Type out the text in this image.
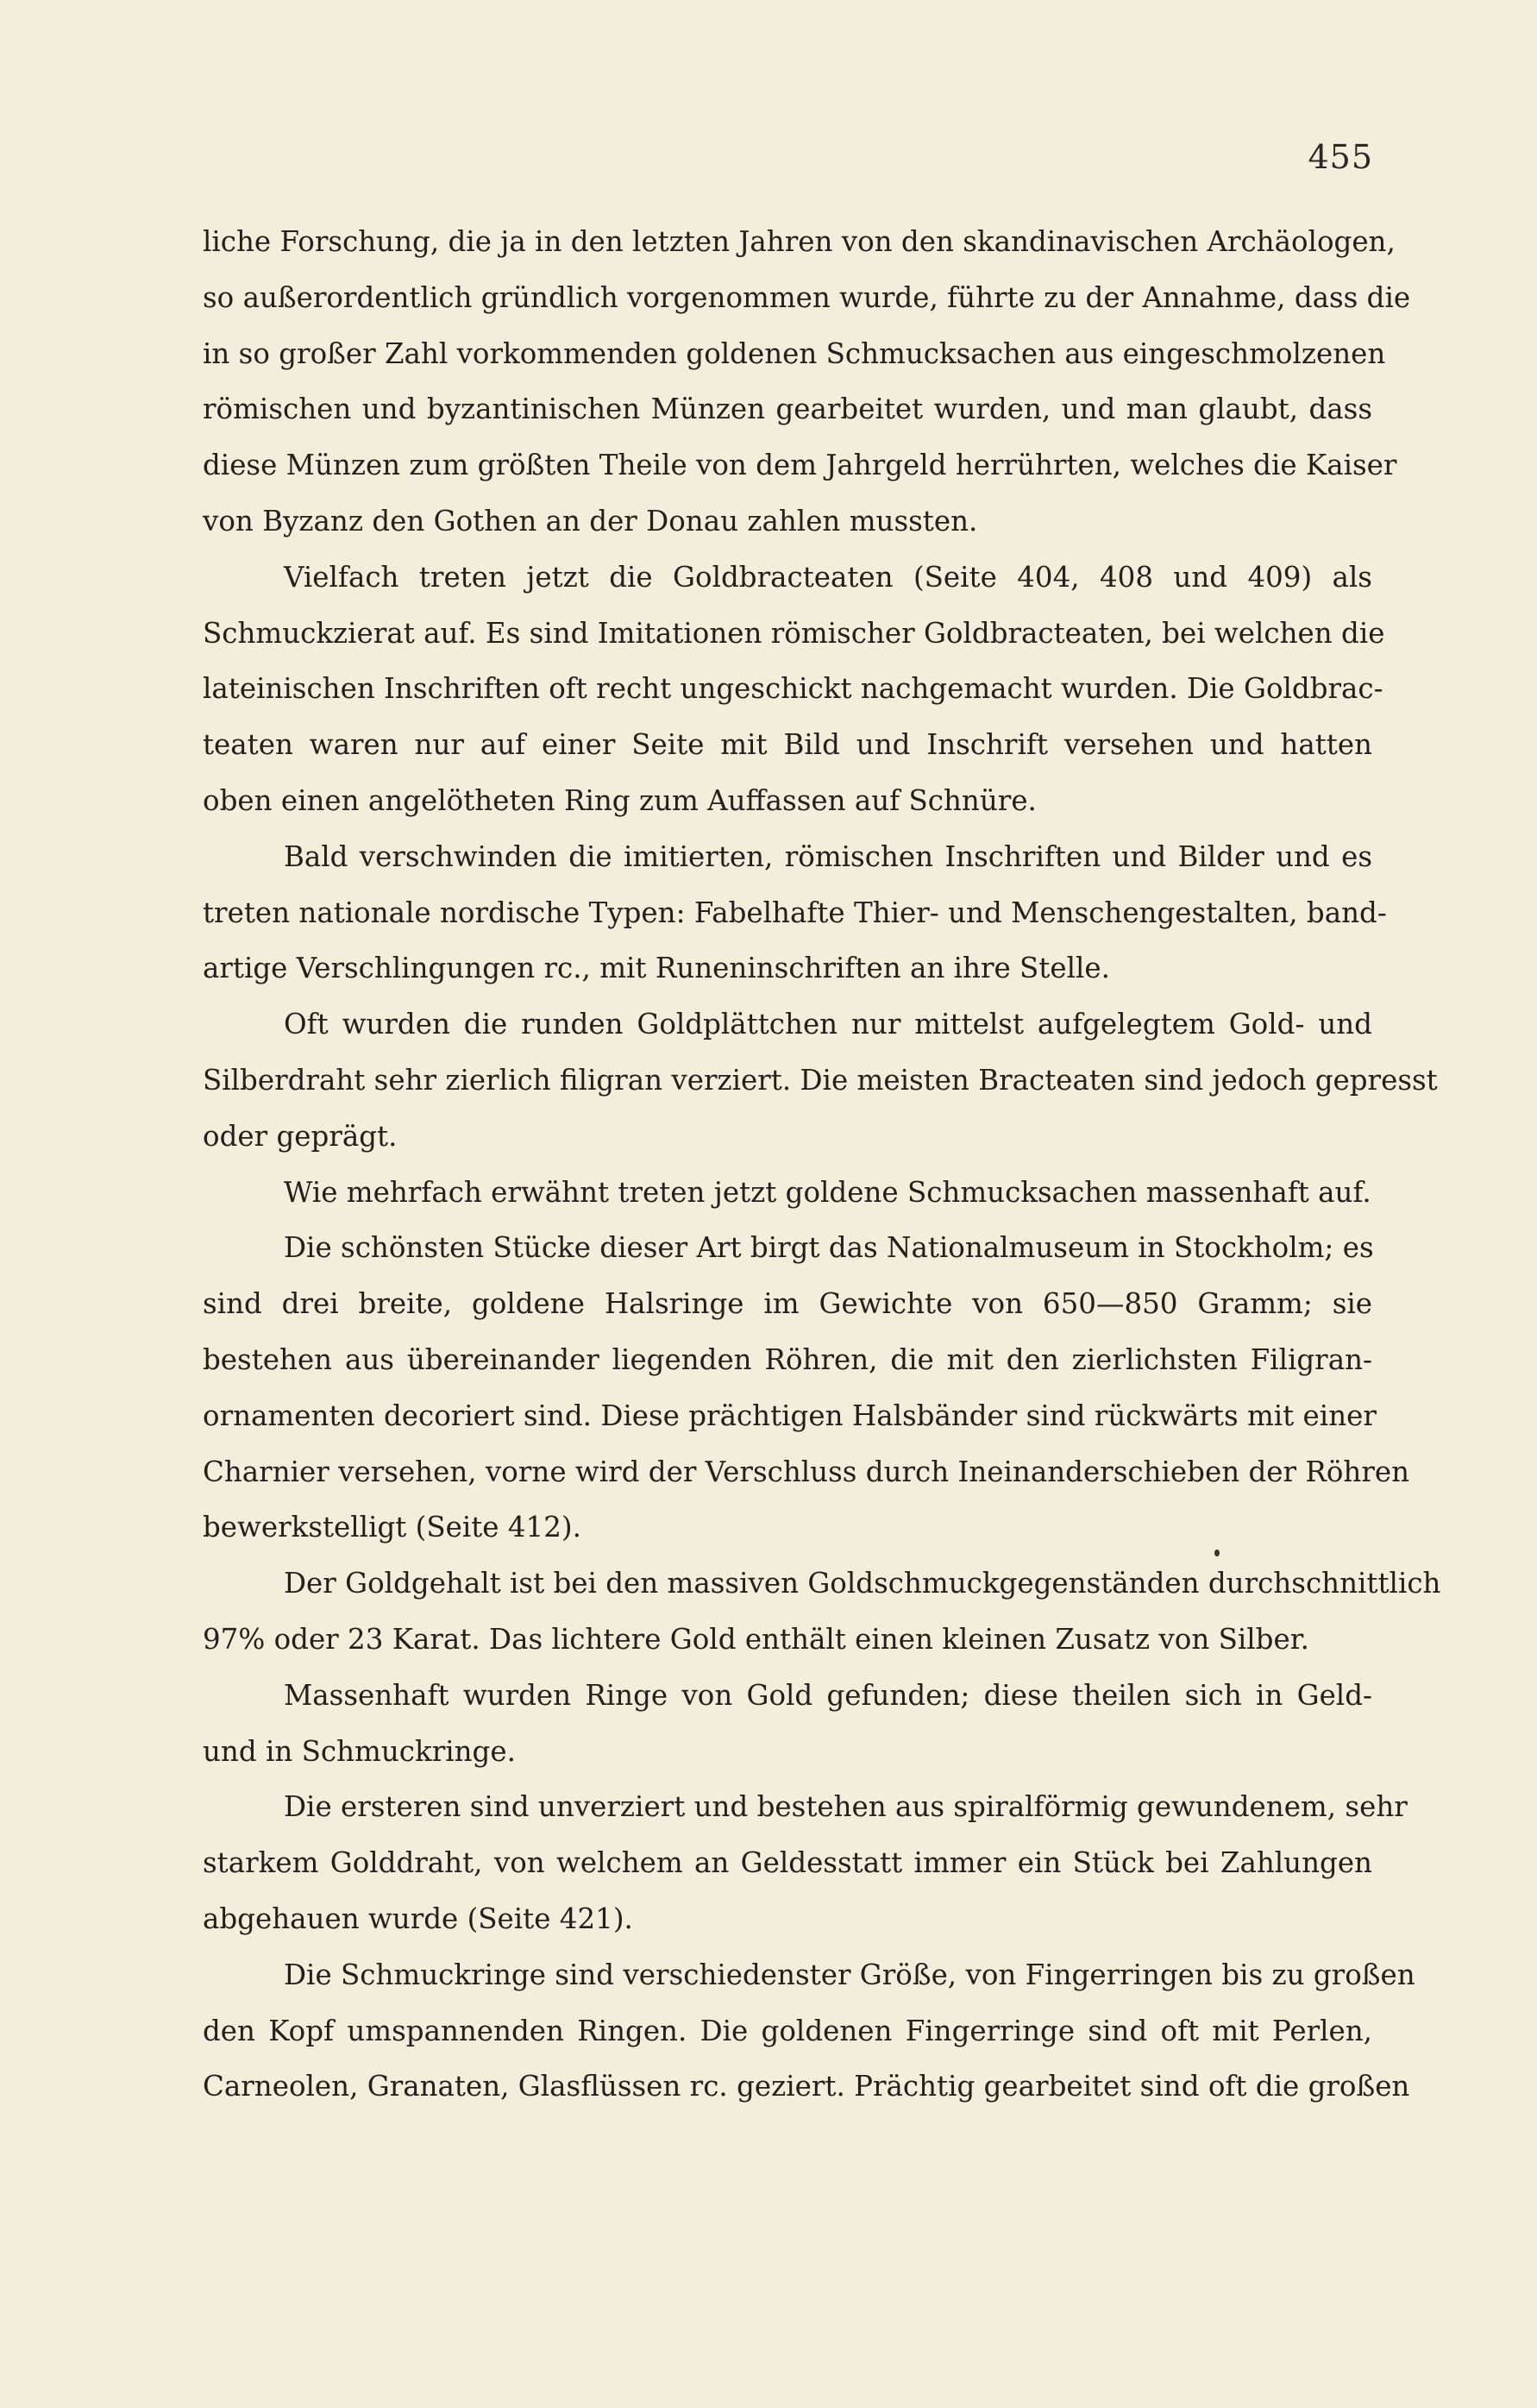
455
liche Forschung, die ja in den letzten Jahren von den skandinavischen Archäologen,
so außerordentlich gründlich vorgenommen wurde, führte zu der Annahme, dass die
in so großer Zahl vorkommenden goldenen Schmucksachen aus eingeschmolzenen
römischen und byzantinischen Münzen gearbeitet wurden, und man glaubt, dass
diese Münzen zum größten Theile von dem Jahrgeld herrührten, welches die Kaiser
von Byzanz den Gothen an der Donau zahlen mussten.
Vielfach treten jetzt die Goldbracteaten (Seite 404, 408 und 409) als
Schmuckzierat auf. Es sind Imitationen römischer Goldbracteaten, bei welchen die
lateinischen Inschriften oft recht ungeschickt nachgemacht wurden. Die Goldbrac-
teaten waren nur auf einer Seite mit Bild und Inschrift versehen und hatten
oben einen angelötheten Ring zum Auffassen auf Schnüre.
Bald verschwinden die imitierten, römischen Inschriften und Bilder und es
treten nationale nordische Typen: Fabelhafte Thier- und Menschengestalten, band-
artige Verschlingungen rc., mit Runeninschriften an ihre Stelle.
Oft wurden die runden Goldplättchen nur mittelst aufgelegtem Gold- und
Silberdraht sehr zierlich filigran verziert. Die meisten Bracteaten sind jedoch gepresst
oder geprägt.
Wie mehrfach erwähnt treten jetzt goldene Schmucksachen massenhaft auf.
Die schönsten Stücke dieser Art birgt das Nationalmuseum in Stockholm; es
sind drei breite, goldene Halsringe im Gewichte von 650—850 Gramm; sie
bestehen aus übereinander liegenden Röhren, die mit den zierlichsten Filigran-
ornamenten decoriert sind. Diese prächtigen Halsbänder sind rückwärts mit einer
Charnier versehen, vorne wird der Verschluss durch Ineinanderschieben der Röhren
bewerkstelligt (Seite 412).
Der Goldgehalt ist bei den massiven Goldschmuckgegenständen durchschnittlich
97% oder 23 Karat. Das lichtere Gold enthält einen kleinen Zusatz von Silber.
Massenhaft wurden Ringe von Gold gefunden; diese theilen sich in Geld-
und in Schmuckringe.
Die ersteren sind unverziert und bestehen aus spiralförmig gewundenem, sehr
starkem Golddraht, von welchem an Geldesstatt immer ein Stück bei Zahlungen
abgehauen wurde (Seite 421).
Die Schmuckringe sind verschiedenster Größe, von Fingerringen bis zu großen
den Kopf umspannenden Ringen. Die goldenen Fingerringe sind oft mit Perlen,
Carneolen, Granaten, Glasflüssen rc. geziert. Prächtig gearbeitet sind oft die großen
